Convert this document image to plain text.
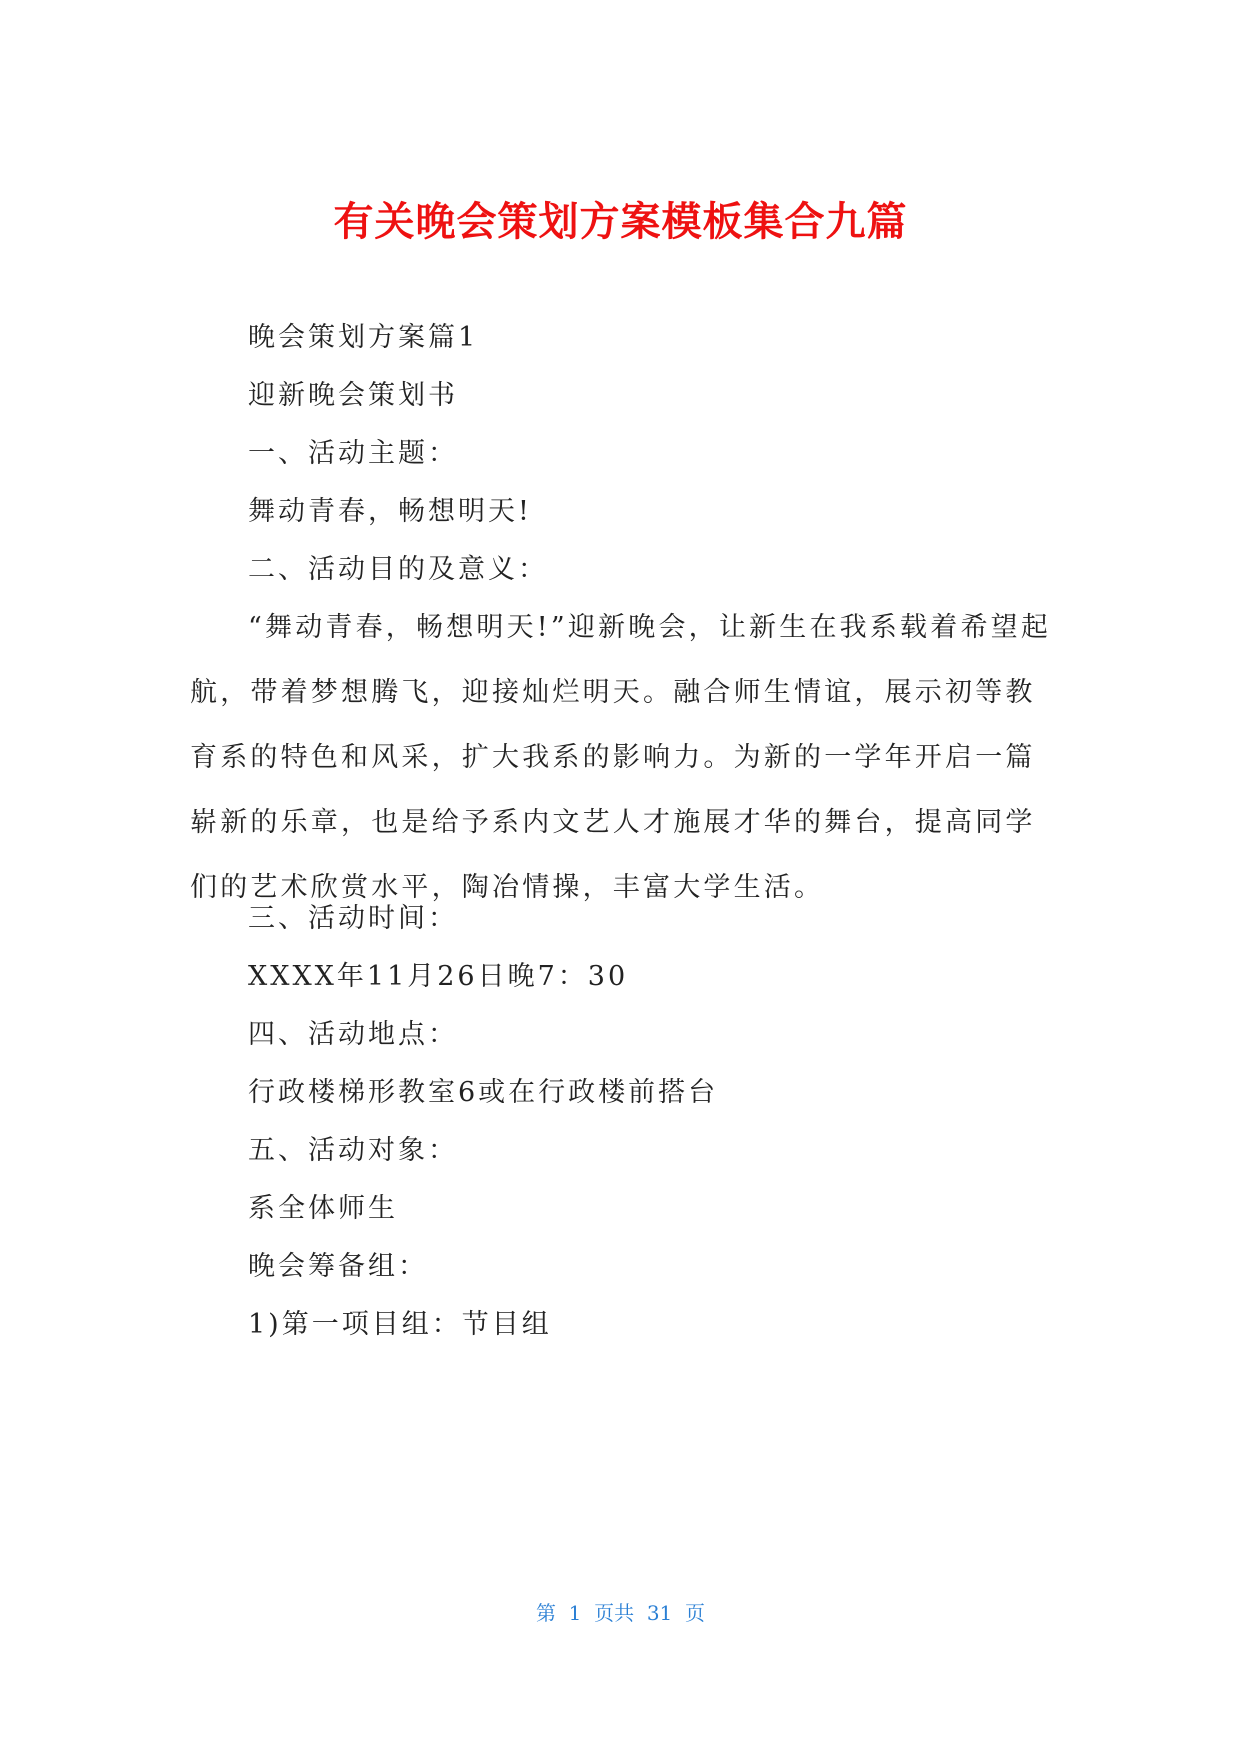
有关晚会策划方案模板集合九篇
晚会策划方案篇1
迎新晚会策划书
一、活动主题：
舞动青春，畅想明天!
二、活动目的及意义：
“舞动青春，畅想明天!”迎新晚会，让新生在我系载着希望起航，带着梦想腾飞，迎接灿烂明天。融合师生情谊，展示初等教育系的特色和风采，扩大我系的影响力。为新的一学年开启一篇崭新的乐章，也是给予系内文艺人才施展才华的舞台，提高同学们的艺术欣赏水平，陶冶情操，丰富大学生活。
三、活动时间：
XXXX年11月26日晚7：30
四、活动地点：
行政楼梯形教室6或在行政楼前搭台
五、活动对象：
系全体师生
晚会筹备组：
1)第一项目组：节目组
第  1  页共  31  页
